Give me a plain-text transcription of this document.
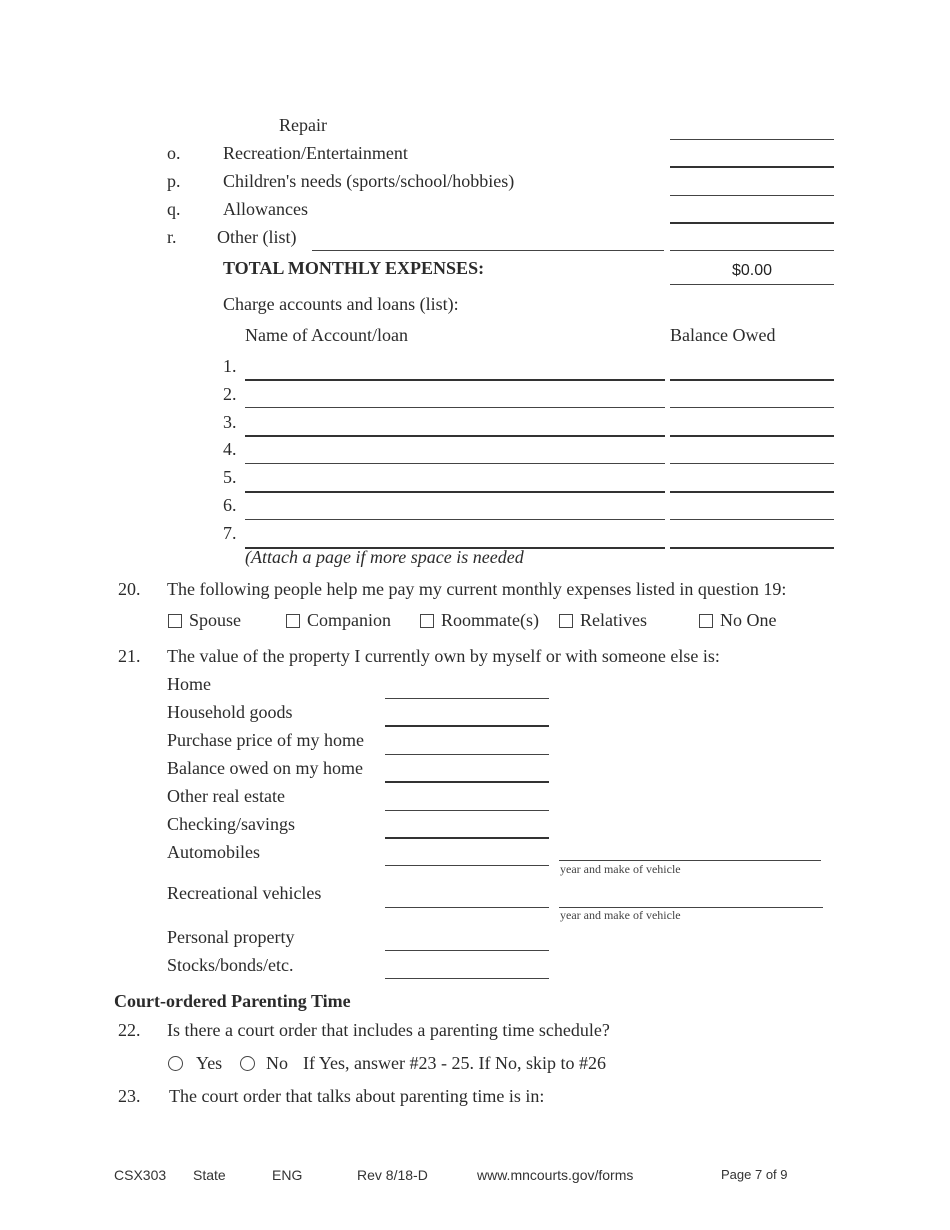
Repair
o. Recreation/Entertainment
p. Children's needs (sports/school/hobbies)
q. Allowances
r. Other (list)
TOTAL MONTHLY EXPENSES:	$0.00
Charge accounts and loans (list):
Name of Account/loan	Balance Owed
1.
2.
3.
4.
5.
6.
7.
(Attach a page if more space is needed
20. The following people help me pay my current monthly expenses listed in question 19:
Spouse	Companion	Roommate(s) Relatives	No One
21. The value of the property I currently own by myself or with someone else is:
Home
Household goods
Purchase price of my home
Balance owed on my home
Other real estate
Checking/savings
Automobiles
year and make of vehicle
Recreational vehicles
year and make of vehicle
Personal property
Stocks/bonds/etc.
Court-ordered Parenting Time
22. Is there a court order that includes a parenting time schedule?
Yes No If Yes, answer #23 - 25. If No, skip to #26
23. The court order that talks about parenting time is in:
CSX303 State	ENG	Rev 8/18-D	www.mncourts.gov/forms	Page 7 of 9
